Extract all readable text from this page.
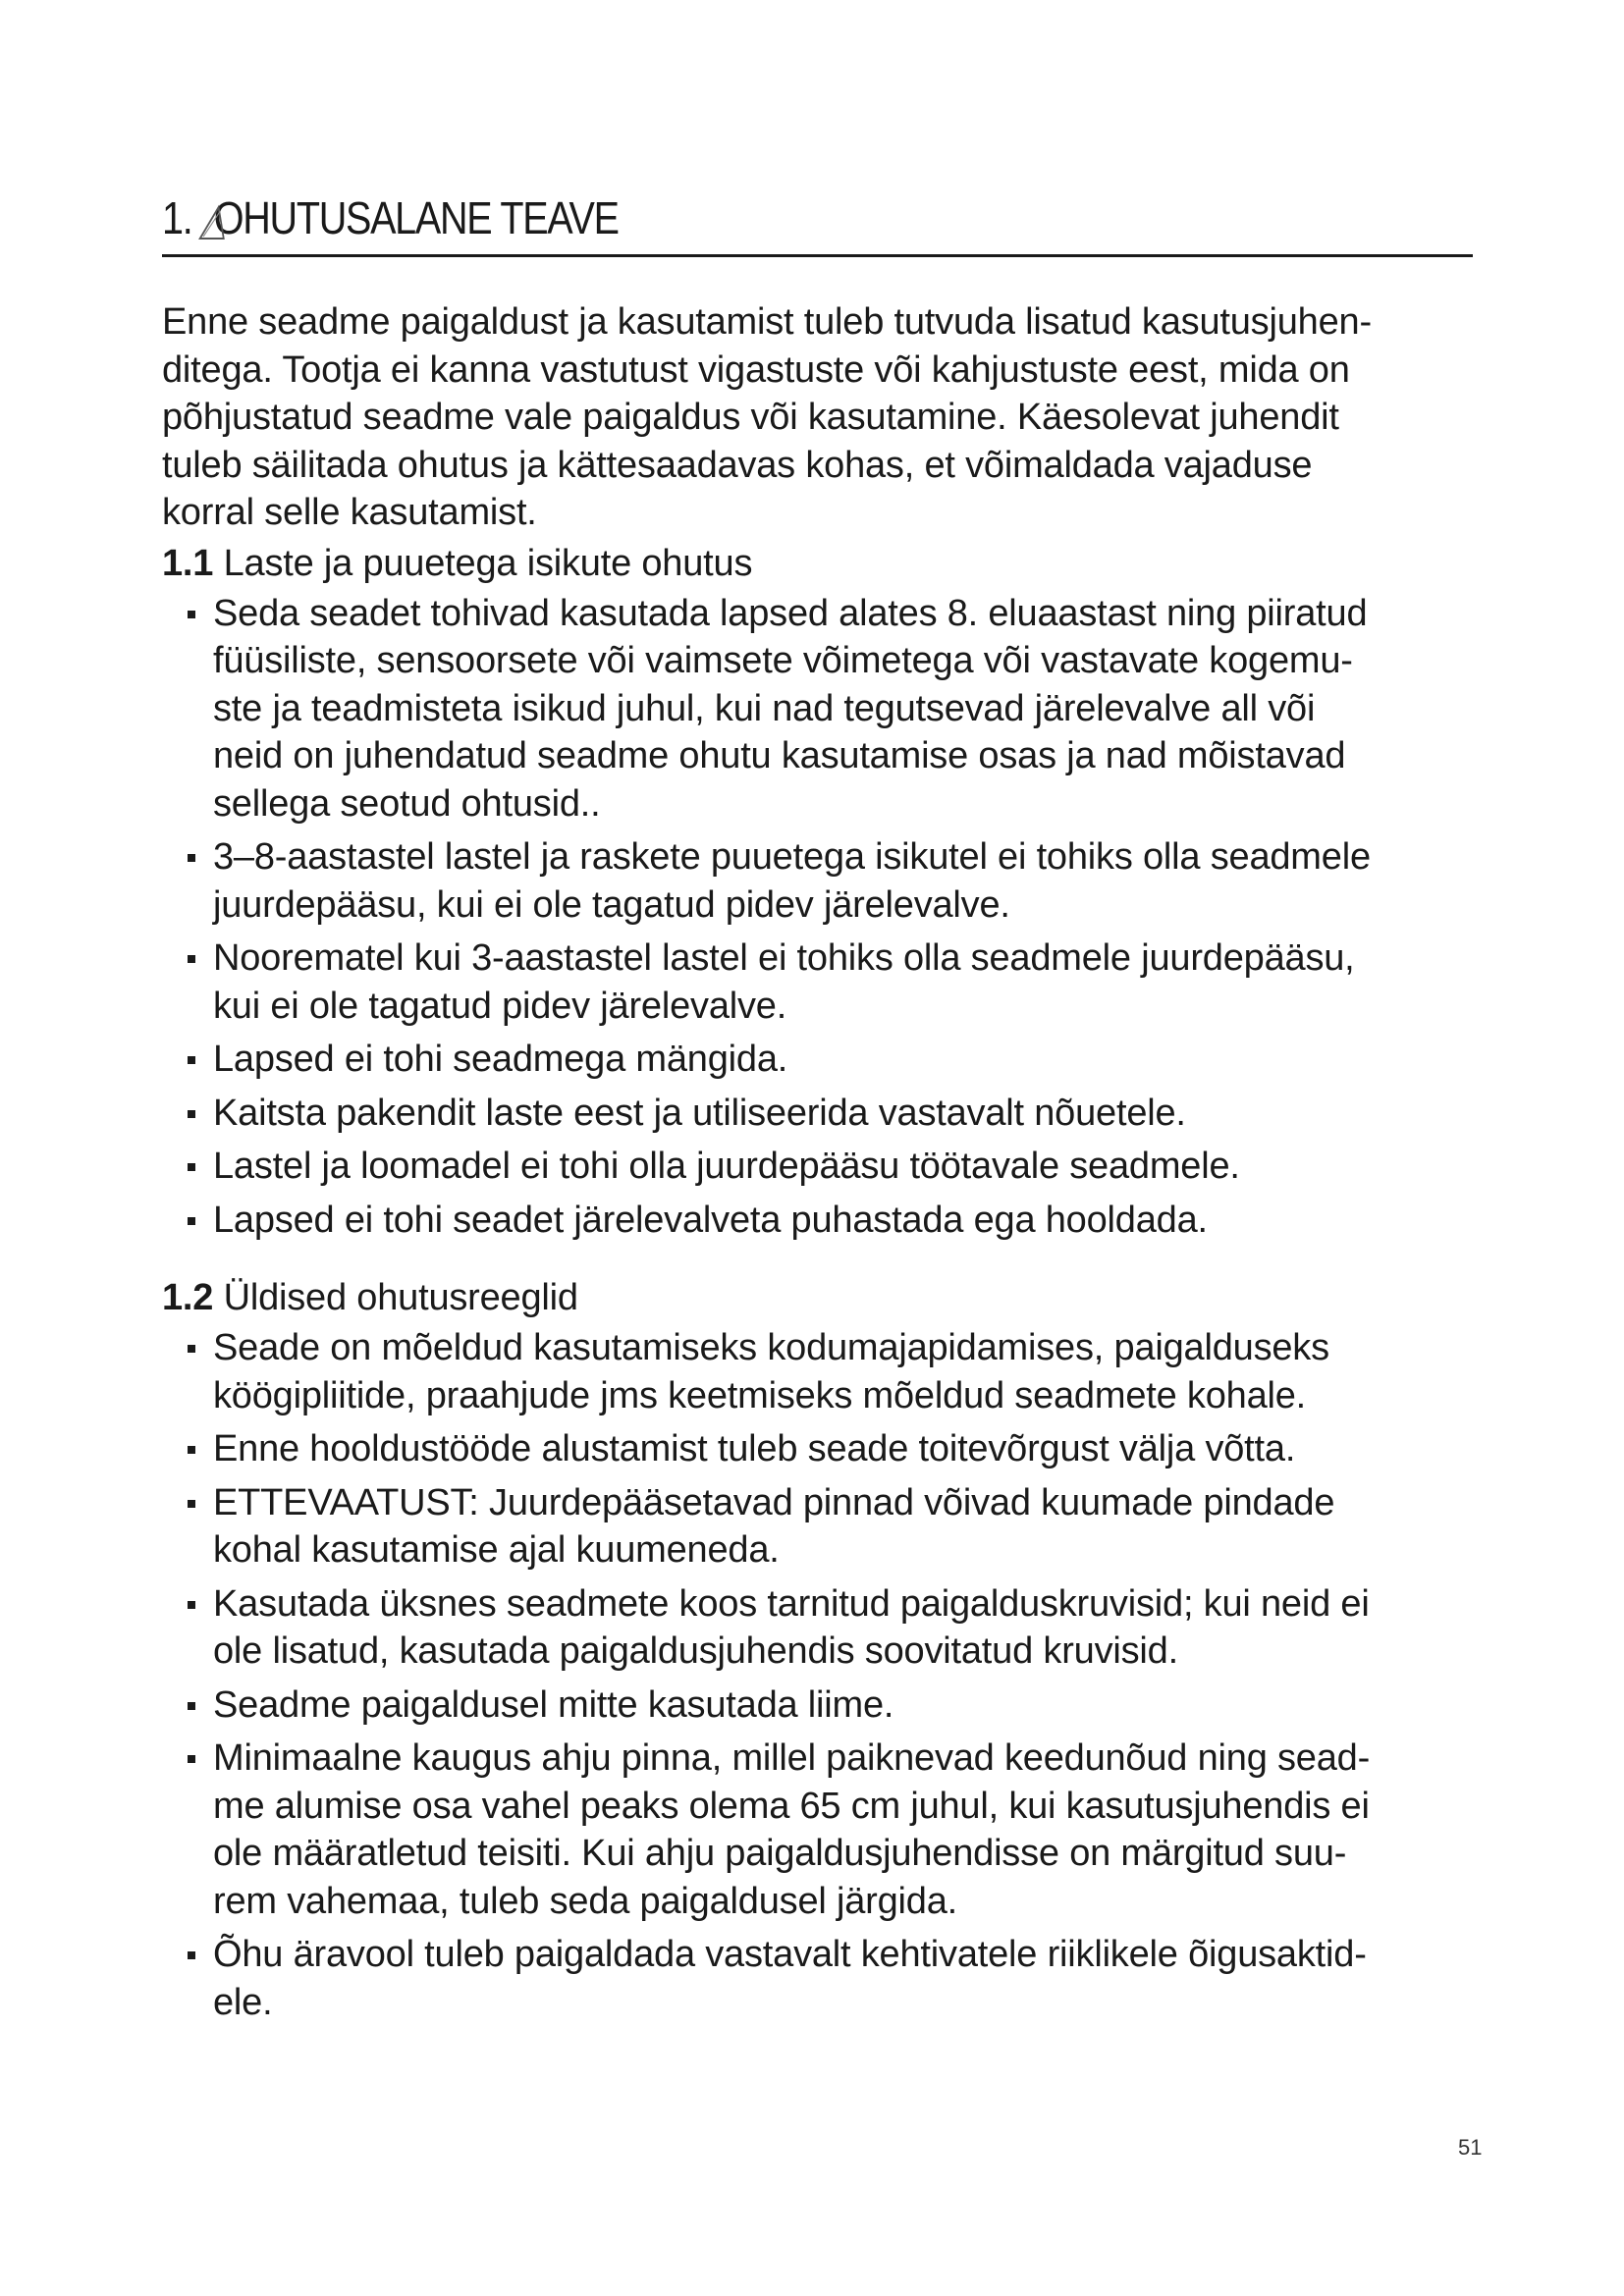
1. OHUTUSALANE TEAVE
Enne seadme paigaldust ja kasutamist tuleb tutvuda lisatud kasutusjuhen-
ditega. Tootja ei kanna vastutust vigastuste või kahjustuste eest, mida on
põhjustatud seadme vale paigaldus või kasutamine. Käesolevat juhendit
tuleb säilitada ohutus ja kättesaadavas kohas, et võimaldada vajaduse
korral selle kasutamist.
1.1 Laste ja puuetega isikute ohutus
Seda seadet tohivad kasutada lapsed alates 8. eluaastast ning piiratud
füüsiliste, sensoorsete või vaimsete võimetega või vastavate kogemu-
ste ja teadmisteta isikud juhul, kui nad tegutsevad järelevalve all või
neid on juhendatud seadme ohutu kasutamise osas ja nad mõistavad
sellega seotud ohtusid..
3–8-aastastel lastel ja raskete puuetega isikutel ei tohiks olla seadmele
juurdepääsu, kui ei ole tagatud pidev järelevalve.
Noorematel kui 3-aastastel lastel ei tohiks olla seadmele juurdepääsu,
kui ei ole tagatud pidev järelevalve.
Lapsed ei tohi seadmega mängida.
Kaitsta pakendit laste eest ja utiliseerida vastavalt nõuetele.
Lastel ja loomadel ei tohi olla juurdepääsu töötavale seadmele.
Lapsed ei tohi seadet järelevalveta puhastada ega hooldada.
1.2 Üldised ohutusreeglid
Seade on mõeldud kasutamiseks kodumajapidamises, paigalduseks
köögipliitide, praahjude jms keetmiseks mõeldud seadmete kohale.
Enne hooldustööde alustamist tuleb seade toitevõrgust välja võtta.
ETTEVAATUST: Juurdepääsetavad pinnad võivad kuumade pindade
kohal kasutamise ajal kuumeneda.
Kasutada üksnes seadmete koos tarnitud paigalduskruvisid; kui neid ei
ole lisatud, kasutada paigaldusjuhendis soovitatud kruvisid.
Seadme paigaldusel mitte kasutada liime.
Minimaalne kaugus ahju pinna, millel paiknevad keedunõud ning sead-
me alumise osa vahel peaks olema 65 cm juhul, kui kasutusjuhendis ei
ole määratletud teisiti. Kui ahju paigaldusjuhendisse on märgitud suu-
rem vahemaa, tuleb seda paigaldusel järgida.
Õhu äravool tuleb paigaldada vastavalt kehtivatele riiklikele õigusaktid-
ele.
51
